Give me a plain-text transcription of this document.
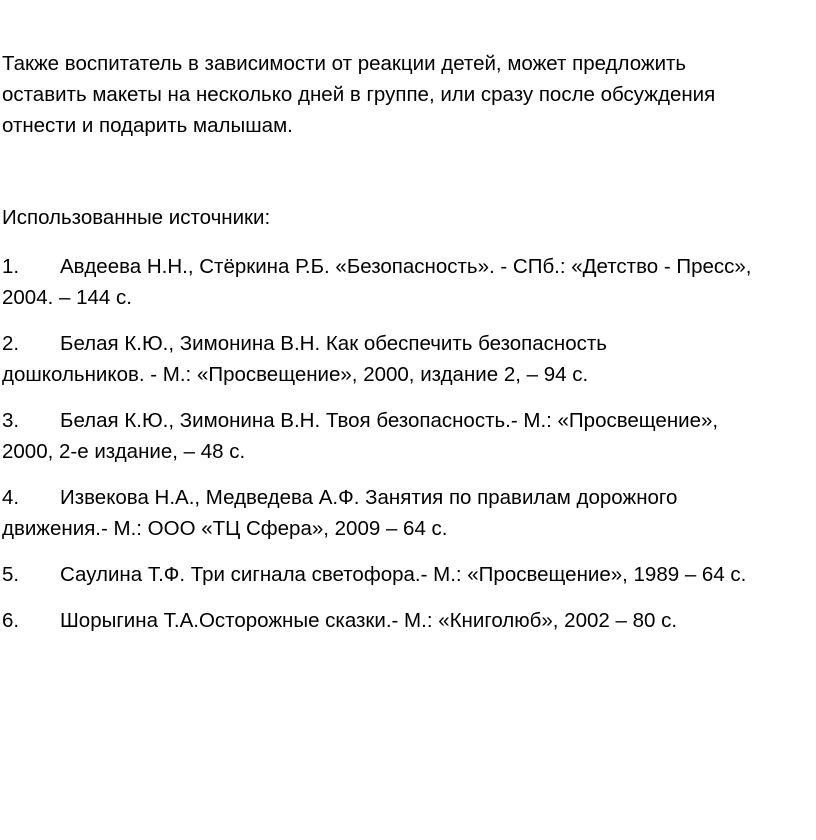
Также воспитатель в зависимости от реакции детей, может предложить
оставить макеты на несколько дней в группе, или сразу после обсуждения
отнести и подарить малышам.

Использованные источники:
1. Авдеева Н.Н., Стёркина Р.Б. «Безопасность». - СПб.: «Детство - Пресс»,
2004. – 144 с.
2. Белая К.Ю., Зимонина В.Н. Как обеспечить безопасность
дошкольников. - М.: «Просвещение», 2000, издание 2, – 94 с.
3. Белая К.Ю., Зимонина В.Н. Твоя безопасность.- М.: «Просвещение»,
2000, 2-е издание, – 48 с.
4. Извекова Н.А., Медведева А.Ф. Занятия по правилам дорожного
движения.- М.: ООО «ТЦ Сфера», 2009 – 64 с.
5. Саулина Т.Ф. Три сигнала светофора.- М.: «Просвещение», 1989 – 64 с.
6. Шорыгина Т.А.Осторожные сказки.- М.: «Книголюб», 2002 – 80 с.
